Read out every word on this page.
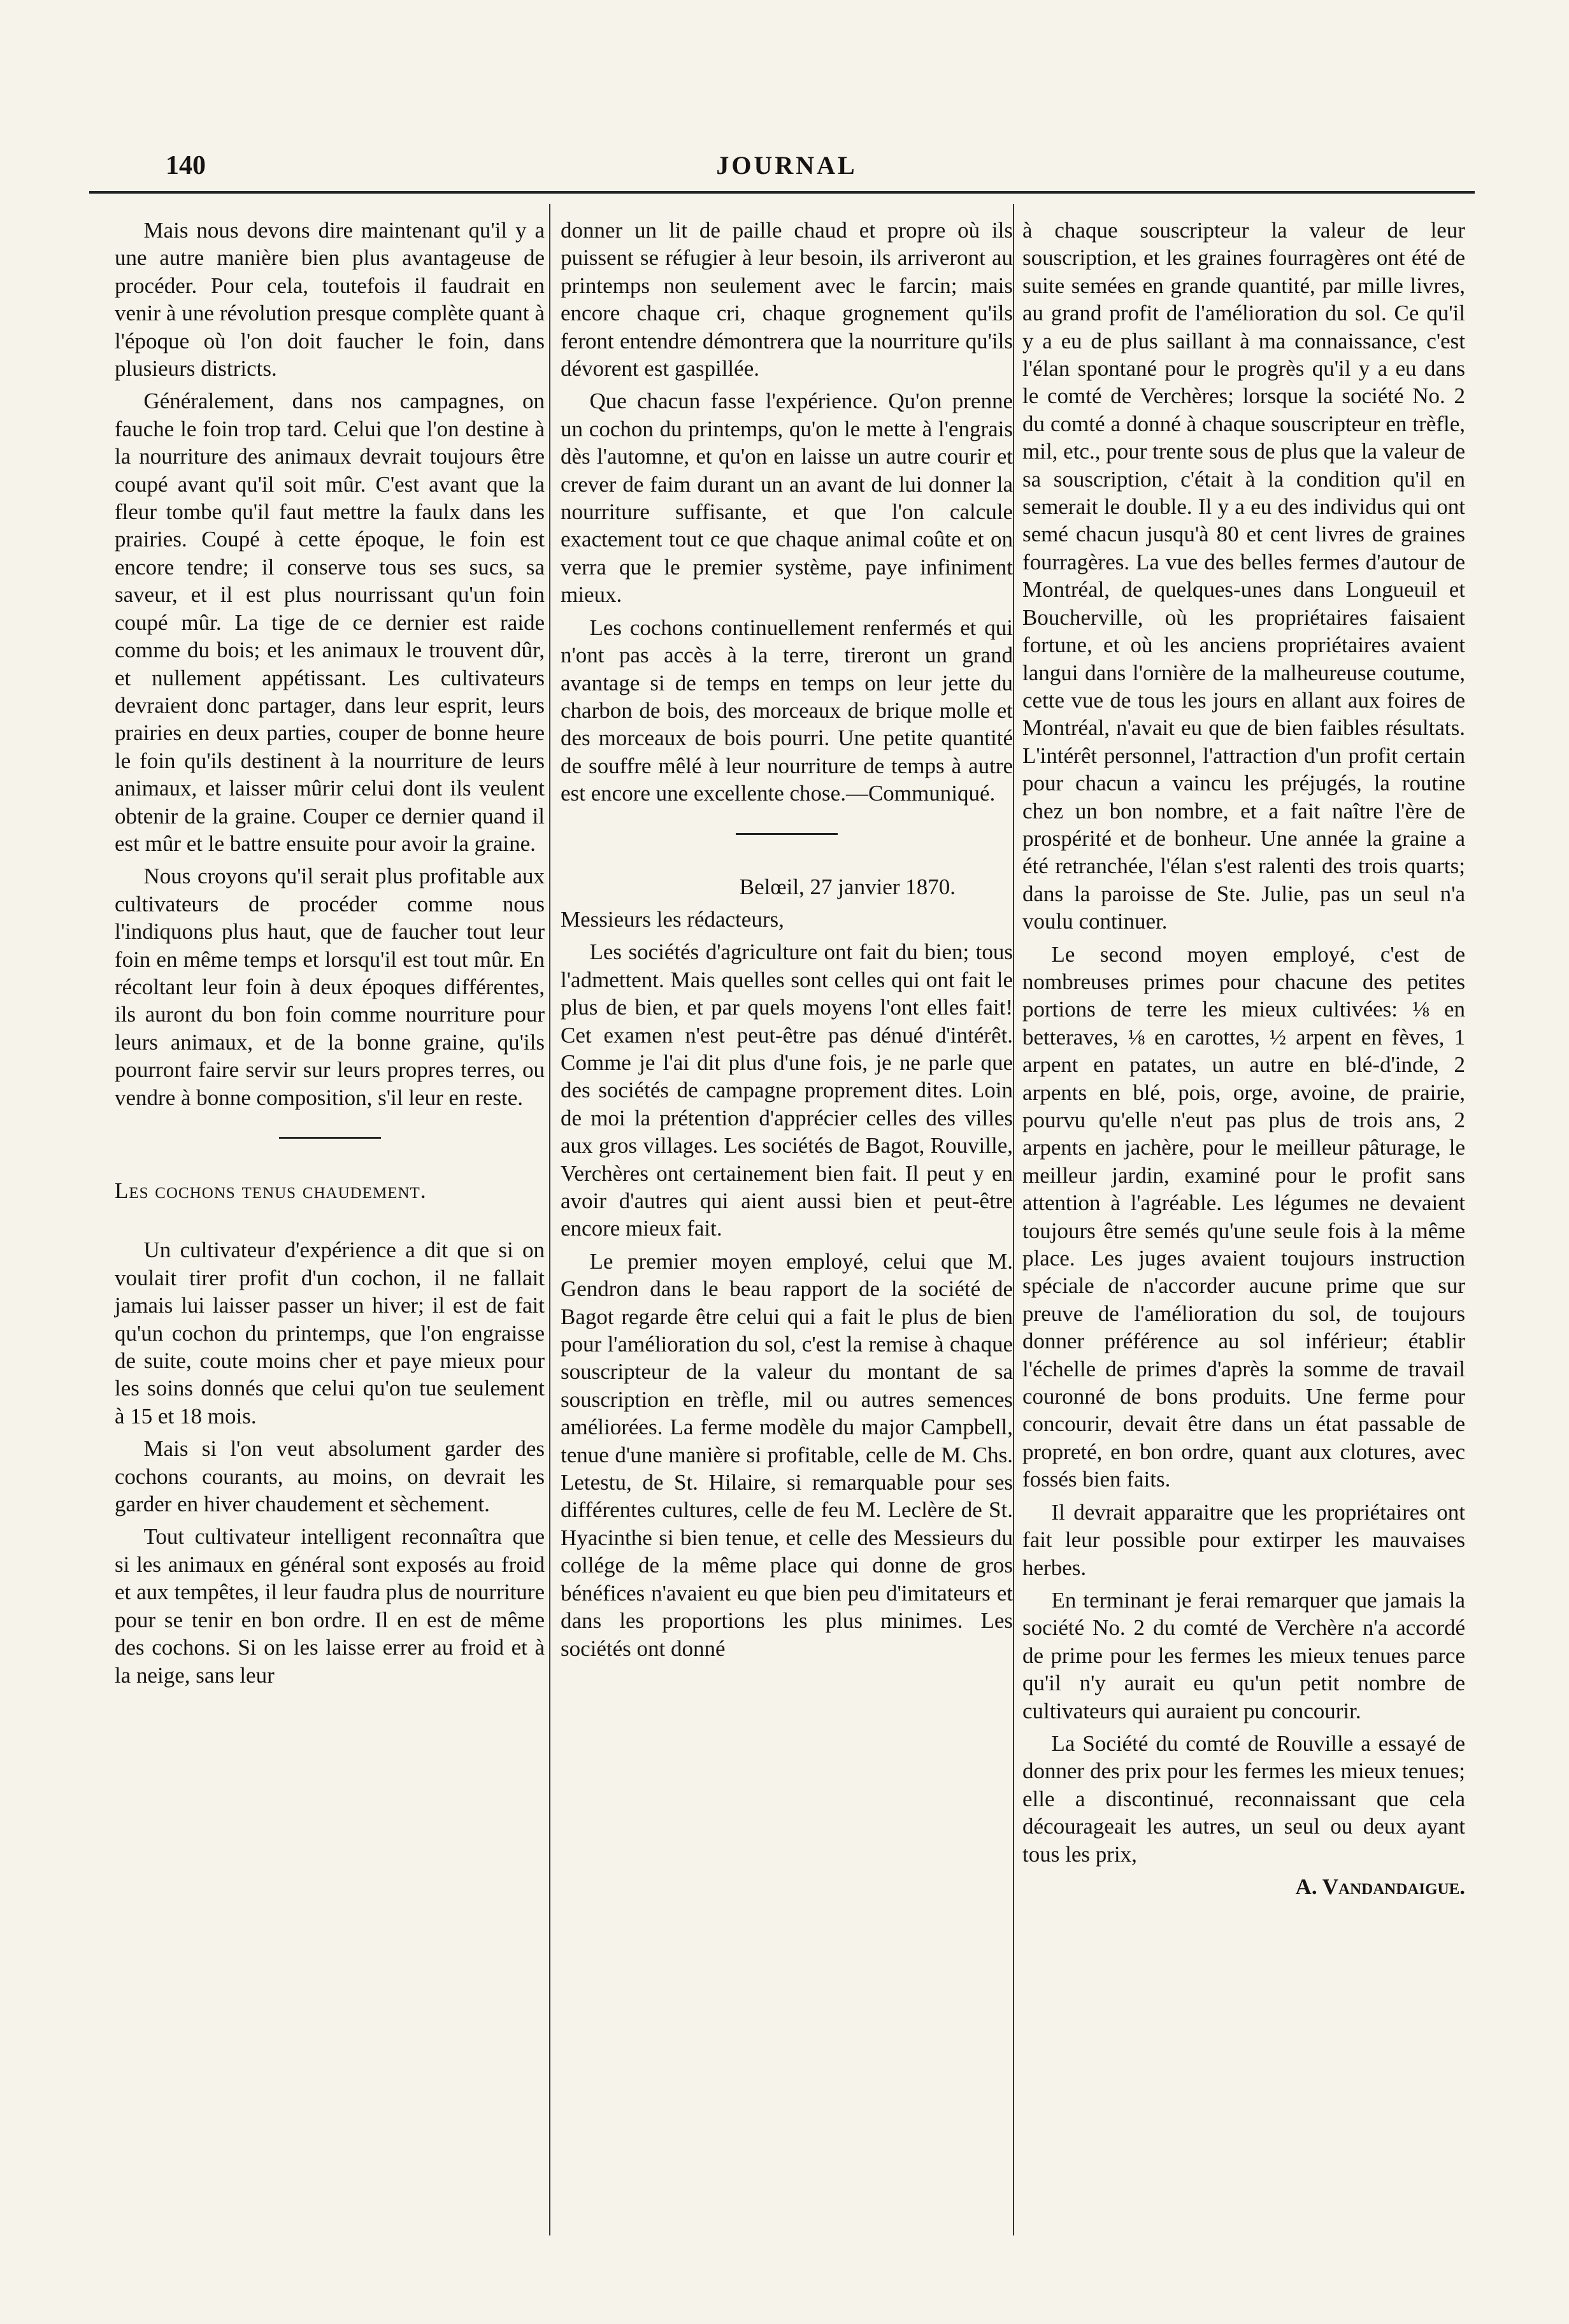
140	JOURNAL

Mais nous devons dire maintenant qu'il y a une autre manière bien plus avantageuse de procéder. Pour cela, toutefois il faudrait en venir à une révolution presque complète quant à l'époque où l'on doit faucher le foin, dans plusieurs districts.

Généralement, dans nos campagnes, on fauche le foin trop tard. Celui que l'on destine à la nourriture des animaux devrait toujours être coupé avant qu'il soit mûr. C'est avant que la fleur tombe qu'il faut mettre la faulx dans les prairies. Coupé à cette époque, le foin est encore tendre; il conserve tous ses sucs, sa saveur, et il est plus nourrissant qu'un foin coupé mûr. La tige de ce dernier est raide comme du bois; et les animaux le trouvent dûr, et nullement appétissant. Les cultivateurs devraient donc partager, dans leur esprit, leurs prairies en deux parties, couper de bonne heure le foin qu'ils destinent à la nourriture de leurs animaux, et laisser mûrir celui dont ils veulent obtenir de la graine. Couper ce dernier quand il est mûr et le battre ensuite pour avoir la graine.

Nous croyons qu'il serait plus profitable aux cultivateurs de procéder comme nous l'indiquons plus haut, que de faucher tout leur foin en même temps et lorsqu'il est tout mûr. En récoltant leur foin à deux époques différentes, ils auront du bon foin comme nourriture pour leurs animaux, et de la bonne graine, qu'ils pourront faire servir sur leurs propres terres, ou vendre à bonne composition, s'il leur en reste.

Les cochons tenus chaudement.

Un cultivateur d'expérience a dit que si on voulait tirer profit d'un cochon, il ne fallait jamais lui laisser passer un hiver; il est de fait qu'un cochon du printemps, que l'on engraisse de suite, coute moins cher et paye mieux pour les soins donnés que celui qu'on tue seulement à 15 et 18 mois.

Mais si l'on veut absolument garder des cochons courants, au moins, on devrait les garder en hiver chaudement et sèchement.

Tout cultivateur intelligent reconnaîtra que si les animaux en général sont exposés au froid et aux tempêtes, il leur faudra plus de nourriture pour se tenir en bon ordre. Il en est de même des cochons. Si on les laisse errer au froid et à la neige, sans leur

donner un lit de paille chaud et propre où ils puissent se réfugier à leur besoin, ils arriveront au printemps non seulement avec le farcin; mais encore chaque cri, chaque grognement qu'ils feront entendre démontrera que la nourriture qu'ils dévorent est gaspillée.

Que chacun fasse l'expérience. Qu'on prenne un cochon du printemps, qu'on le mette à l'engrais dès l'automne, et qu'on en laisse un autre courir et crever de faim durant un an avant de lui donner la nourriture suffisante, et que l'on calcule exactement tout ce que chaque animal coûte et on verra que le premier système, paye infiniment mieux.

Les cochons continuellement renfermés et qui n'ont pas accès à la terre, tireront un grand avantage si de temps en temps on leur jette du charbon de bois, des morceaux de brique molle et des morceaux de bois pourri. Une petite quantité de souffre mêlé à leur nourriture de temps à autre est encore une excellente chose.—Communiqué.

Belœil, 27 janvier 1870.

Messieurs les rédacteurs,

Les sociétés d'agriculture ont fait du bien; tous l'admettent. Mais quelles sont celles qui ont fait le plus de bien, et par quels moyens l'ont elles fait! Cet examen n'est peut-être pas dénué d'intérêt. Comme je l'ai dit plus d'une fois, je ne parle que des sociétés de campagne proprement dites. Loin de moi la prétention d'apprécier celles des villes aux gros villages. Les sociétés de Bagot, Rouville, Verchères ont certainement bien fait. Il peut y en avoir d'autres qui aient aussi bien et peut-être encore mieux fait.

Le premier moyen employé, celui que M. Gendron dans le beau rapport de la société de Bagot regarde être celui qui a fait le plus de bien pour l'amélioration du sol, c'est la remise à chaque souscripteur de la valeur du montant de sa souscription en trèfle, mil ou autres semences améliorées. La ferme modèle du major Campbell, tenue d'une manière si profitable, celle de M. Chs. Letestu, de St. Hilaire, si remarquable pour ses différentes cultures, celle de feu M. Leclère de St. Hyacinthe si bien tenue, et celle des Messieurs du collége de la même place qui donne de gros bénéfices n'avaient eu que bien peu d'imitateurs et dans les proportions les plus minimes. Les sociétés ont donné

à chaque souscripteur la valeur de leur souscription, et les graines fourragères ont été de suite semées en grande quantité, par mille livres, au grand profit de l'amélioration du sol. Ce qu'il y a eu de plus saillant à ma connaissance, c'est l'élan spontané pour le progrès qu'il y a eu dans le comté de Verchères; lorsque la société No. 2 du comté a donné à chaque souscripteur en trèfle, mil, etc., pour trente sous de plus que la valeur de sa souscription, c'était à la condition qu'il en semerait le double. Il y a eu des individus qui ont semé chacun jusqu'à 80 et cent livres de graines fourragères. La vue des belles fermes d'autour de Montréal, de quelques-unes dans Longueuil et Boucherville, où les propriétaires faisaient fortune, et où les anciens propriétaires avaient langui dans l'ornière de la malheureuse coutume, cette vue de tous les jours en allant aux foires de Montréal, n'avait eu que de bien faibles résultats. L'intérêt personnel, l'attraction d'un profit certain pour chacun a vaincu les préjugés, la routine chez un bon nombre, et a fait naître l'ère de prospérité et de bonheur. Une année la graine a été retranchée, l'élan s'est ralenti des trois quarts; dans la paroisse de Ste. Julie, pas un seul n'a voulu continuer.

Le second moyen employé, c'est de nombreuses primes pour chacune des petites portions de terre les mieux cultivées: ⅛ en betteraves, ⅛ en carottes, ½ arpent en fèves, 1 arpent en patates, un autre en blé-d'inde, 2 arpents en blé, pois, orge, avoine, de prairie, pourvu qu'elle n'eut pas plus de trois ans, 2 arpents en jachère, pour le meilleur pâturage, le meilleur jardin, examiné pour le profit sans attention à l'agréable. Les légumes ne devaient toujours être semés qu'une seule fois à la même place. Les juges avaient toujours instruction spéciale de n'accorder aucune prime que sur preuve de l'amélioration du sol, de toujours donner préférence au sol inférieur; établir l'échelle de primes d'après la somme de travail couronné de bons produits. Une ferme pour concourir, devait être dans un état passable de propreté, en bon ordre, quant aux clotures, avec fossés bien faits.

Il devrait apparaitre que les propriétaires ont fait leur possible pour extirper les mauvaises herbes.

En terminant je ferai remarquer que jamais la société No. 2 du comté de Verchère n'a accordé de prime pour les fermes les mieux tenues parce qu'il n'y aurait eu qu'un petit nombre de cultivateurs qui auraient pu concourir.

La Société du comté de Rouville a essayé de donner des prix pour les fermes les mieux tenues; elle a discontinué, reconnaissant que cela décourageait les autres, un seul ou deux ayant tous les prix,

A. Vandandaigue.
